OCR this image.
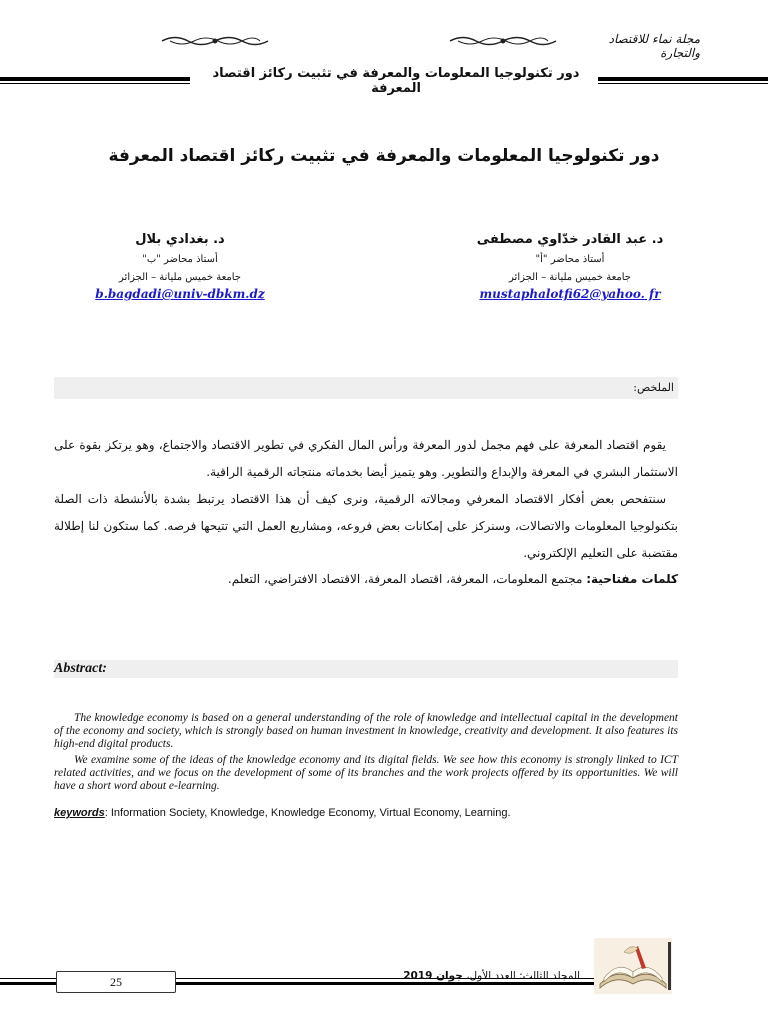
مجلة نماء للاقتصاد والتجارة
دور تكنولوجيا المعلومات والمعرفة في تثبيت ركائز اقتصاد المعرفة
دور تكنولوجيا المعلومات والمعرفة في تثبيت ركائز اقتصاد المعرفة
د. عبد القادر خدّاوي مصطفى
أستاذ محاضر "أ"
جامعة خميس مليانة – الجزائر
mustaphalotfi62@yahoo. fr
د. بغدادي بلال
أستاذ محاضر "ب"
جامعة خميس مليانة – الجزائر
b.bagdadi@univ-dbkm.dz
الملخص:

يقوم اقتصاد المعرفة على فهم مجمل لدور المعرفة ورأس المال الفكري في تطوير الاقتصاد والاجتماع، وهو يرتكز بقوة على الاستثمار البشري في المعرفة والإبداع والتطوير. وهو يتميز أيضا بخدماته منتجاته الرقمية الراقية.

سنتفحص بعض أفكار الاقتصاد المعرفي ومجالاته الرقمية، ونرى كيف أن هذا الاقتصاد يرتبط بشدة بالأنشطة ذات الصلة بتكنولوجيا المعلومات والاتصالات، وسنركز على إمكانات بعض فروعه، ومشاريع العمل التي تتيحها فرصه. كما ستكون لنا إطلالة مقتضبة على التعليم الإلكتروني.

كلمات مفتاحية: مجتمع المعلومات، المعرفة، اقتصاد المعرفة، الاقتصاد الافتراضي، التعلم.
Abstract:

The knowledge economy is based on a general understanding of the role of knowledge and intellectual capital in the development of the economy and society, which is strongly based on human investment in knowledge, creativity and development. It also features its high-end digital products.

We examine some of the ideas of the knowledge economy and its digital fields. We see how this economy is strongly linked to ICT related activities, and we focus on the development of some of its branches and the work projects offered by its opportunities. We will have a short word about e-learning.

keywords: Information Society, Knowledge, Knowledge Economy, Virtual Economy, Learning.
25	المجلد الثالث: العدد الأول، جوان 2019
